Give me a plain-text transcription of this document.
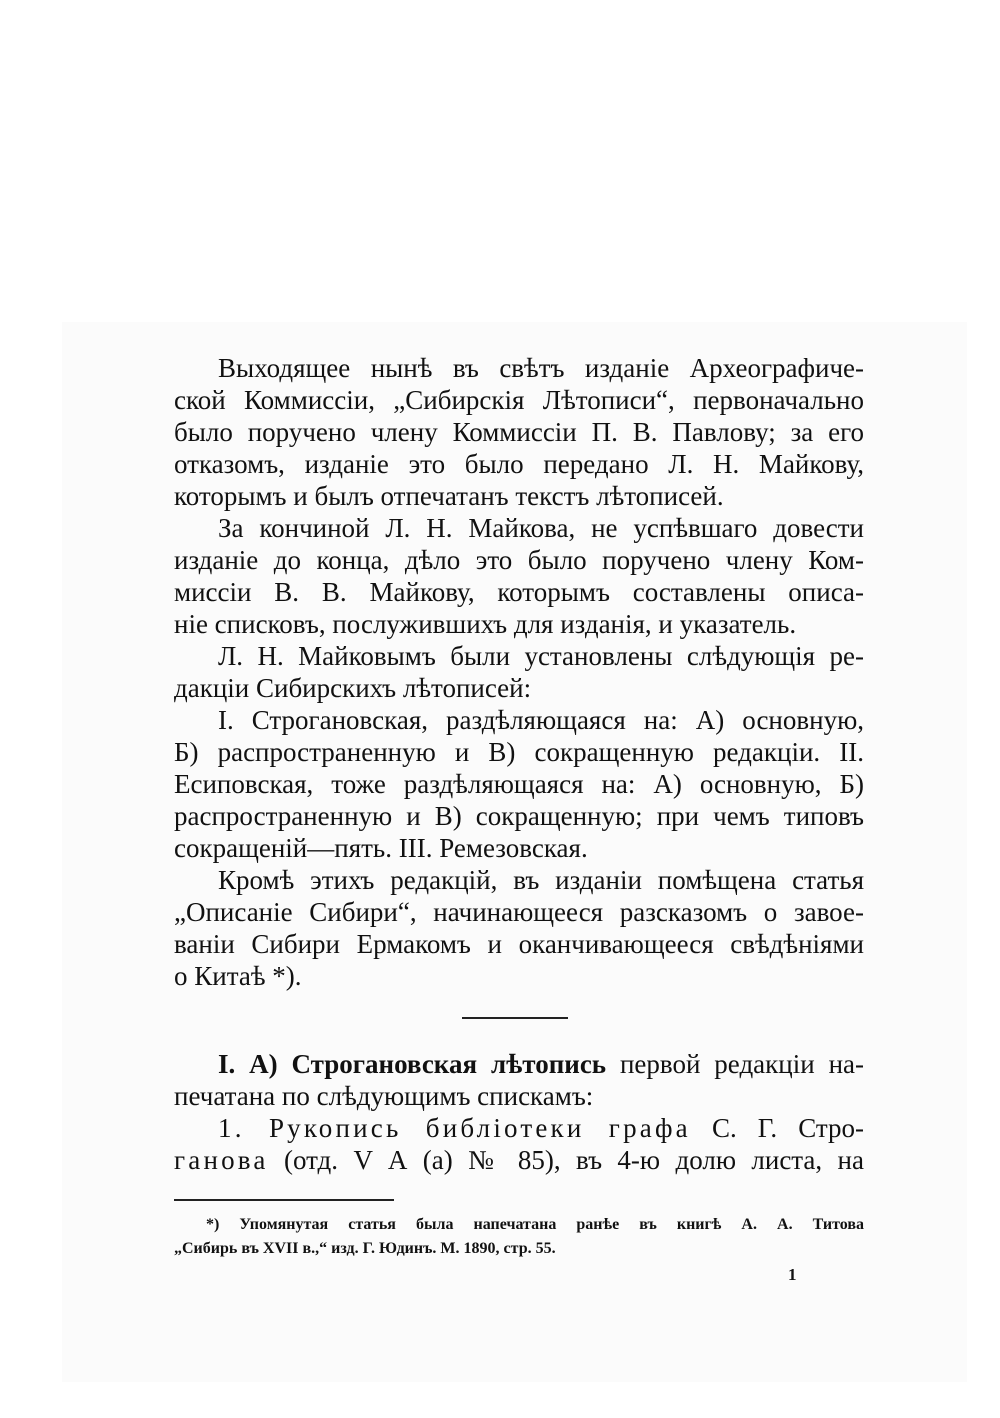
Выходящее нынѣ въ свѣтъ изданіе Археографиче-
ской Коммиссіи, „Сибирскія Лѣтописи“, первоначально
было поручено члену Коммиссіи П. В. Павлову; за его
отказомъ, изданіе это было передано Л. Н. Майкову,
которымъ и былъ отпечатанъ текстъ лѣтописей.
За кончиной Л. Н. Майкова, не успѣвшаго довести
изданіе до конца, дѣло это было поручено члену Ком-
миссіи В. В. Майкову, которымъ составлены описа-
ніе списковъ, послужившихъ для изданія, и указатель.
Л. Н. Майковымъ были установлены слѣдующія ре-
дакціи Сибирскихъ лѣтописей:
I. Строгановская, раздѣляющаяся на: А) основную,
Б) распространенную и В) сокращенную редакціи. II.
Есиповская, тоже раздѣляющаяся на: А) основную, Б)
распространенную и В) сокращенную; при чемъ типовъ
сокращеній—пять. III. Ремезовская.
Кромѣ этихъ редакцій, въ изданіи помѣщена статья
„Описаніе Сибири“, начинающееся разсказомъ о завое-
ваніи Сибири Ермакомъ и оканчивающееся свѣдѣніями
о Китаѣ *).
I. А) Строгановская лѣтопись первой редакціи на-
печатана по слѣдующимъ спискамъ:
1. Рукопись библіотеки графа С. Г. Стро-
ганова (отд. V А (а) № 85), въ 4-ю долю листа, на
*) Упомянутая статья была напечатана ранѣе въ книгѣ А. А. Титова
„Сибирь въ XVII в.,“ изд. Г. Юдинъ. М. 1890, стр. 55.
1
